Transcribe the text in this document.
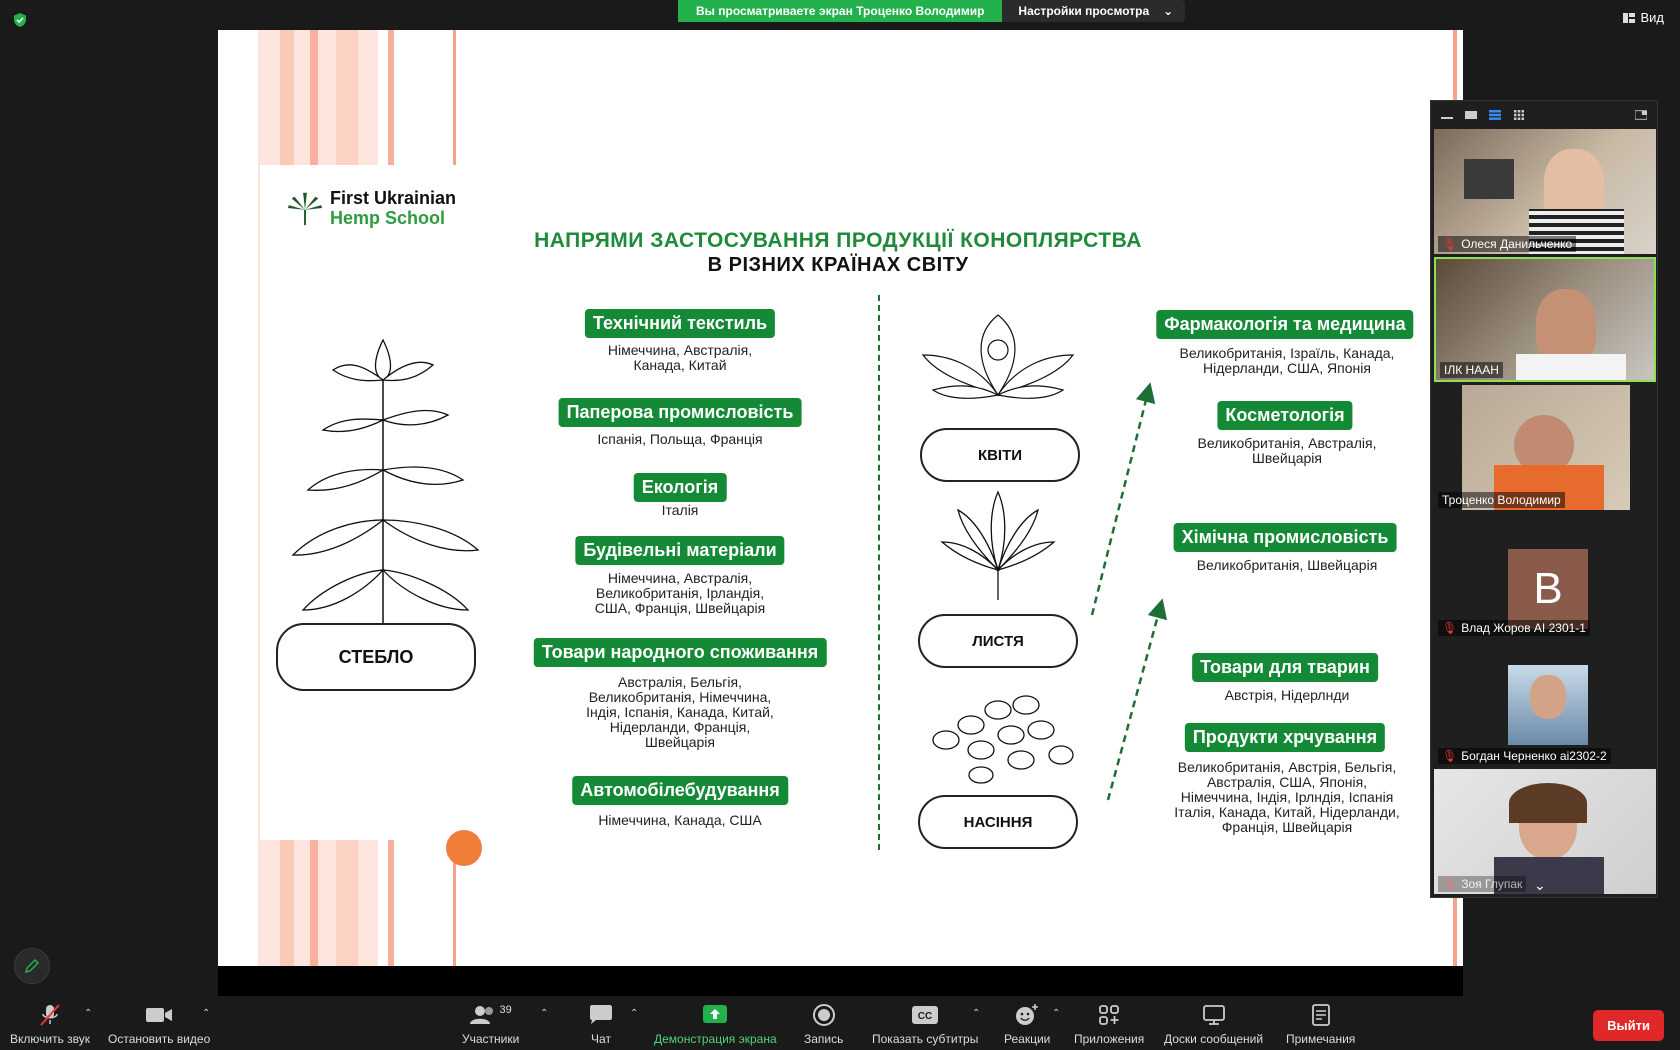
Вы просматриваете экран Троценко Володимир	Настройки просмотра ⌄	Вид
First Ukrainian
Hemp School
НАПРЯМИ ЗАСТОСУВАННЯ ПРОДУКЦІЇ КОНОПЛЯРСТВА
В РІЗНИХ КРАЇНАХ СВІТУ
СТЕБЛО
Технічний текстиль
Німеччина, Австралія,
Канада, Китай
Паперова промисловість
Іспанія, Польща, Франція
Екологія
Італія
Будівельні матеріали
Німеччина, Австралія,
Великобританія, Ірландія,
США, Франція, Швейцарія
Товари народного споживання
Австралія, Бельгія,
Великобританія, Німеччина,
Індія, Іспанія, Канада, Китай,
Нідерланди, Франція,
Швейцарія
Автомобілебудування
Німеччина, Канада, США
КВІТИ
ЛИСТЯ
НАСІННЯ
Фармакологія та медицина
Великобританія, Ізраїль, Канада,
Нідерланди, США, Японія
Косметологія
Великобританія, Австралія,
Швейцарія
Хімічна промисловість
Великобританія, Швейцарія
Товари для тварин
Австрія, Нідерлнди
Продукти хрчування
Великобританія, Австрія, Бельгія,
Австралія, США, Японія,
Німеччина, Індія, Ірлндія, Іспанія
Італія, Канада, Китай, Нідерланди,
Франція, Швейцарія
🎙︎ Олеся Данильченко
ІЛК НААН
Троценко Володимир
B
🎙︎ Влад Жоров AI 2301-1
🎙︎ Богдан Черненко аі2302-2
🎙︎ Зоя Глупак ⌄
Включить звук
⌃
Остановить видео
⌃	39
Участники
⌃
Чат
⌃
Демонстрация экрана Запись
CC
Показать субтитры
⌃
Реакции
⌃
Приложения Доски сообщений Примечания
Выйти
